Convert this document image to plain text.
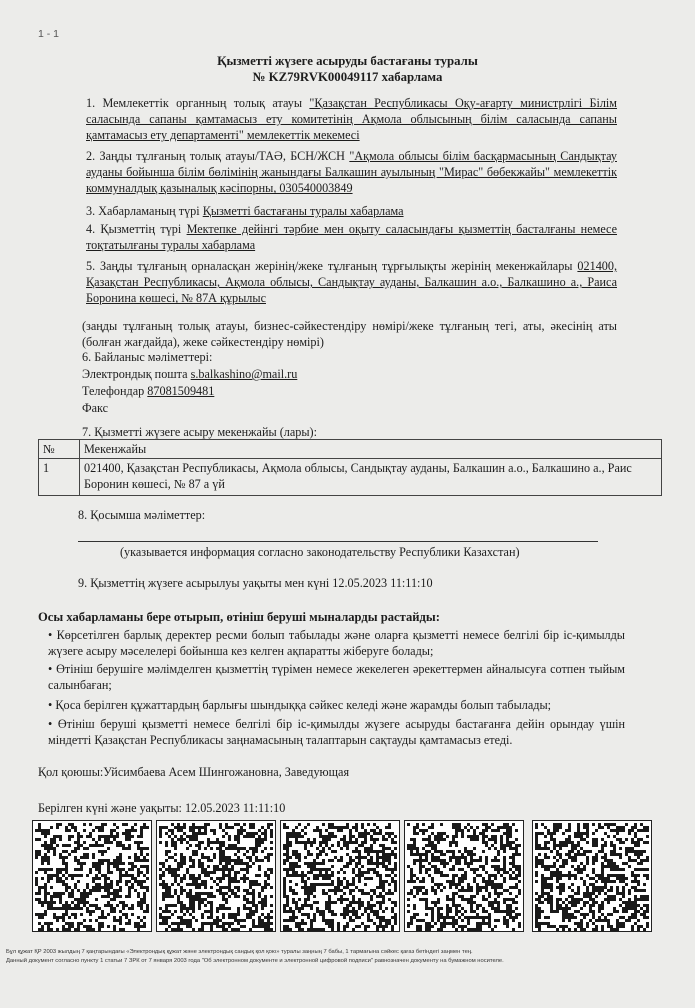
1 - 1
Қызметті жүзеге асыруды бастағаны туралы
№ KZ79RVK00049117 хабарлама
1. Мемлекеттік органның толық атауы "Қазақстан Республикасы Оқу-ағарту министрлігі Білім саласында сапаны қамтамасыз ету комитетінің Ақмола облысының білім саласында сапаны қамтамасыз ету департаменті" мемлекеттік мекемесі
2. Заңды тұлғаның толық атауы/ТАӘ, БСН/ЖСН "Ақмола облысы білім басқармасының Сандықтау ауданы бойынша білім бөлімінің жанындағы Балкашин ауылының "Мирас" бөбекжайы" мемлекеттік коммуналдық қазыналық кәсіпорны, 030540003849
3. Хабарламаның түрі Қызметті бастағаны туралы хабарлама
4. Қызметтің түрі Мектепке дейінгі тәрбие мен оқыту саласындағы қызметтің басталғаны немесе тоқтатылғаны туралы хабарлама
5. Заңды тұлғаның орналасқан жерінің/жеке тұлғаның тұрғылықты жерінің мекенжайлары 021400, Қазақстан Республикасы, Ақмола облысы, Сандықтау ауданы, Балкашин а.о., Балкашино а., Раиса Боронина көшесі, № 87А құрылыс
(заңды тұлғаның толық атауы, бизнес-сәйкестендіру нөмірі/жеке тұлғаның тегі, аты, әкесінің аты (болған жағдайда), жеке сәйкестендіру нөмірі)
6. Байланыс мәліметтері:
Электрондық пошта s.balkashino@mail.ru
Телефондар 87081509481
Факс
7. Қызметті жүзеге асыру мекенжайы (лары):
№	Мекенжайы
1	021400, Қазақстан Республикасы, Ақмола облысы, Сандықтау ауданы, Балкашин а.о., Балкашино а., Раис Боронин көшесі, № 87 а үй
8. Қосымша мәліметтер:
(указывается информация согласно законодательству Республики Казахстан)
9. Қызметтің жүзеге асырылуы уақыты мен күні 12.05.2023 11:11:10
Осы хабарламаны бере отырып, өтініш беруші мыналарды растайды:
• Көрсетілген барлық деректер ресми болып табылады және оларға қызметті немесе белгілі бір іс-қимылды жүзеге асыру мәселелері бойынша кез келген ақпаратты жіберуге болады;
• Өтініш берушіге мәлімделген қызметтің түрімен немесе жекелеген әрекеттермен айналысуға сотпен тыйым салынбаған;
• Қоса берілген құжаттардың барлығы шындыққа сәйкес келеді және жарамды болып табылады;
• Өтініш беруші қызметті немесе белгілі бір іс-қимылды жүзеге асыруды бастағанға дейін орындау үшін міндетті Қазақстан Республикасы заңнамасының талаптарын сақтауды қамтамасыз етеді.
Қол қоюшы:Уйсимбаева Асем Шингожановна, Заведующая
Берілген күні және уақыты: 12.05.2023 11:11:10
Бұл құжат ҚР 2003 жылдың 7 қаңтарындағы «Электрондық құжат және электрондық сандық қол қою» туралы заңның 7 бабы, 1 тармағына сәйкес қағаз бетіндегі заңмен тең.
Данный документ согласно пункту 1 статьи 7 ЗРК от 7 января 2003 года "Об электронном документе и электронной цифровой подписи" равнозначен документу на бумажном носителе.
